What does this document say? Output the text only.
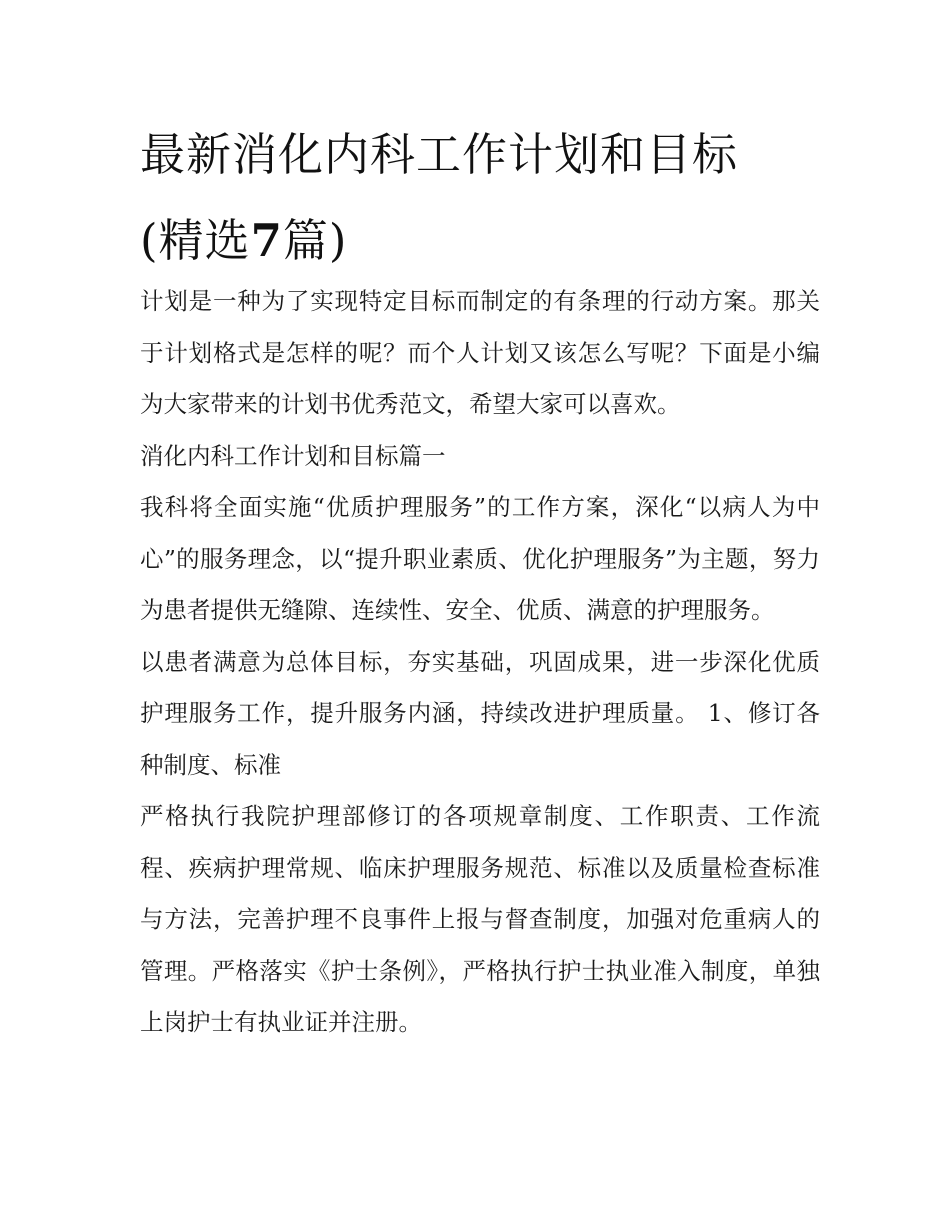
最新消化内科工作计划和目标
(精选7篇)

计划是一种为了实现特定目标而制定的有条理的行动方案。那关于计划格式是怎样的呢？而个人计划又该怎么写呢？下面是小编为大家带来的计划书优秀范文，希望大家可以喜欢。

消化内科工作计划和目标篇一

我科将全面实施“优质护理服务”的工作方案，深化“以病人为中心”的服务理念，以“提升职业素质、优化护理服务”为主题，努力为患者提供无缝隙、连续性、安全、优质、满意的护理服务。

以患者满意为总体目标，夯实基础，巩固成果，进一步深化优质护理服务工作，提升服务内涵，持续改进护理质量。 1、修订各种制度、标准

严格执行我院护理部修订的各项规章制度、工作职责、工作流程、疾病护理常规、临床护理服务规范、标准以及质量检查标准与方法，完善护理不良事件上报与督查制度，加强对危重病人的管理。严格落实《护士条例》，严格执行护士执业准入制度，单独上岗护士有执业证并注册。
